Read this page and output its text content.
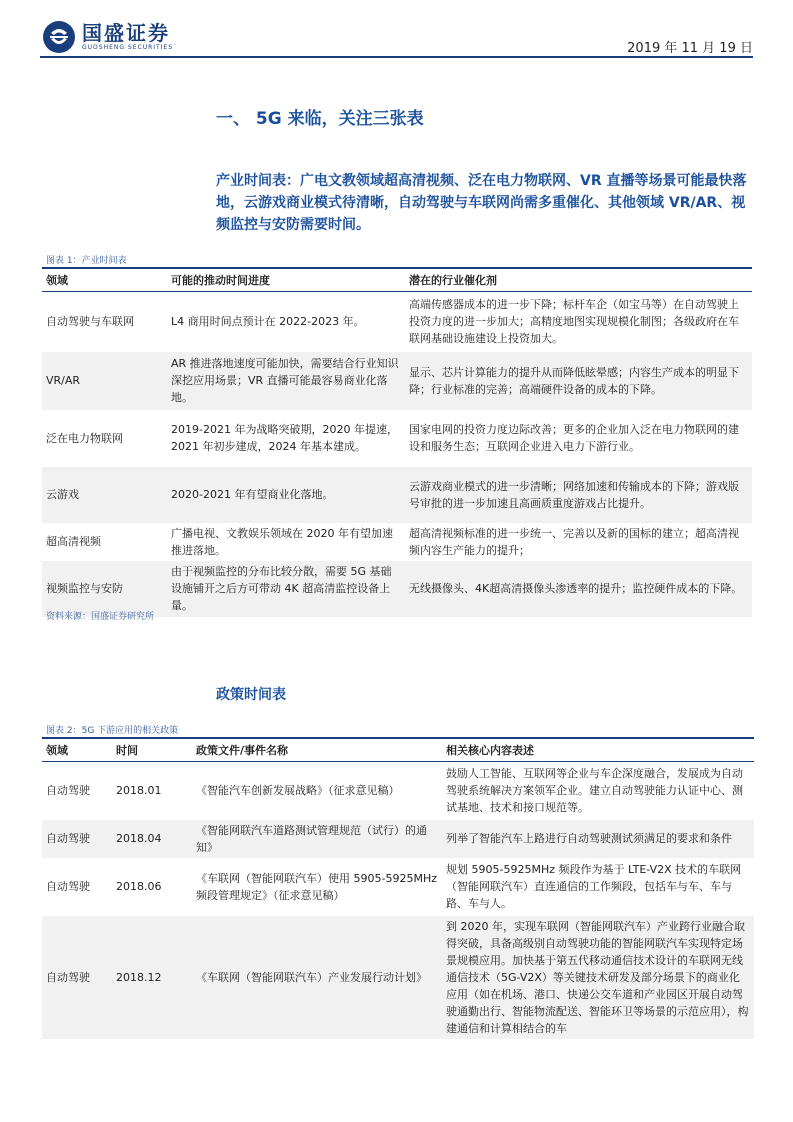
国盛证券
GUOSHENG SECURITIES	2019 年 11 月 19 日
一、 5G 来临，关注三张表
产业时间表：广电文教领域超高清视频、泛在电力物联网、VR 直播等场景可能最快落地，云游戏商业模式待清晰，自动驾驶与车联网尚需多重催化、其他领域 VR/AR、视频监控与安防需要时间。
图表 1：产业时间表
领域	可能的推动时间进度	潜在的行业催化剂
自动驾驶与车联网	L4 商用时间点预计在 2022-2023 年。	高端传感器成本的进一步下降；标杆车企（如宝马等）在自动驾驶上投资力度的进一步加大；高精度地图实现规模化制图；各级政府在车联网基础设施建设上投资加大。
VR/AR	AR 推进落地速度可能加快，需要结合行业知识深挖应用场景；VR 直播可能最容易商业化落地。	显示、芯片计算能力的提升从而降低眩晕感；内容生产成本的明显下降；行业标准的完善；高端硬件设备的成本的下降。
泛在电力物联网	2019-2021 年为战略突破期，2020 年提速，2021 年初步建成，2024 年基本建成。	国家电网的投资力度边际改善；更多的企业加入泛在电力物联网的建设和服务生态；互联网企业进入电力下游行业。
云游戏	2020-2021 年有望商业化落地。	云游戏商业模式的进一步清晰；网络加速和传输成本的下降；游戏版号审批的进一步加速且高画质重度游戏占比提升。
超高清视频	广播电视、文教娱乐领域在 2020 年有望加速推进落地。	超高清视频标准的进一步统一、完善以及新的国标的建立；超高清视频内容生产能力的提升；
视频监控与安防	由于视频监控的分布比较分散，需要 5G 基础设施铺开之后方可带动 4K 超高清监控设备上量。	无线摄像头、4K超高清摄像头渗透率的提升；监控硬件成本的下降。
资料来源：国盛证券研究所
政策时间表
图表 2：5G 下游应用的相关政策
领域	时间	政策文件/事件名称	相关核心内容表述
自动驾驶	2018.01	《智能汽车创新发展战略》（征求意见稿）	鼓励人工智能、互联网等企业与车企深度融合，发展成为自动驾驶系统解决方案领军企业。建立自动驾驶能力认证中心、测试基地、技术和接口规范等。
自动驾驶	2018.04	《智能网联汽车道路测试管理规范（试行）的通知》	列举了智能汽车上路进行自动驾驶测试须满足的要求和条件
自动驾驶	2018.06	《车联网（智能网联汽车）使用 5905-5925MHz 频段管理规定》（征求意见稿）	规划 5905-5925MHz 频段作为基于 LTE-V2X 技术的车联网（智能网联汽车）直连通信的工作频段，包括车与车、车与路、车与人。
自动驾驶	2018.12	《车联网（智能网联汽车）产业发展行动计划》	到 2020 年，实现车联网（智能网联汽车）产业跨行业融合取得突破，具备高级别自动驾驶功能的智能网联汽车实现特定场景规模应用。加快基于第五代移动通信技术设计的车联网无线通信技术（5G-V2X）等关键技术研发及部分场景下的商业化应用（如在机场、港口、快递公交车道和产业园区开展自动驾驶通勤出行、智能物流配送、智能环卫等场景的示范应用），构建通信和计算相结合的车
